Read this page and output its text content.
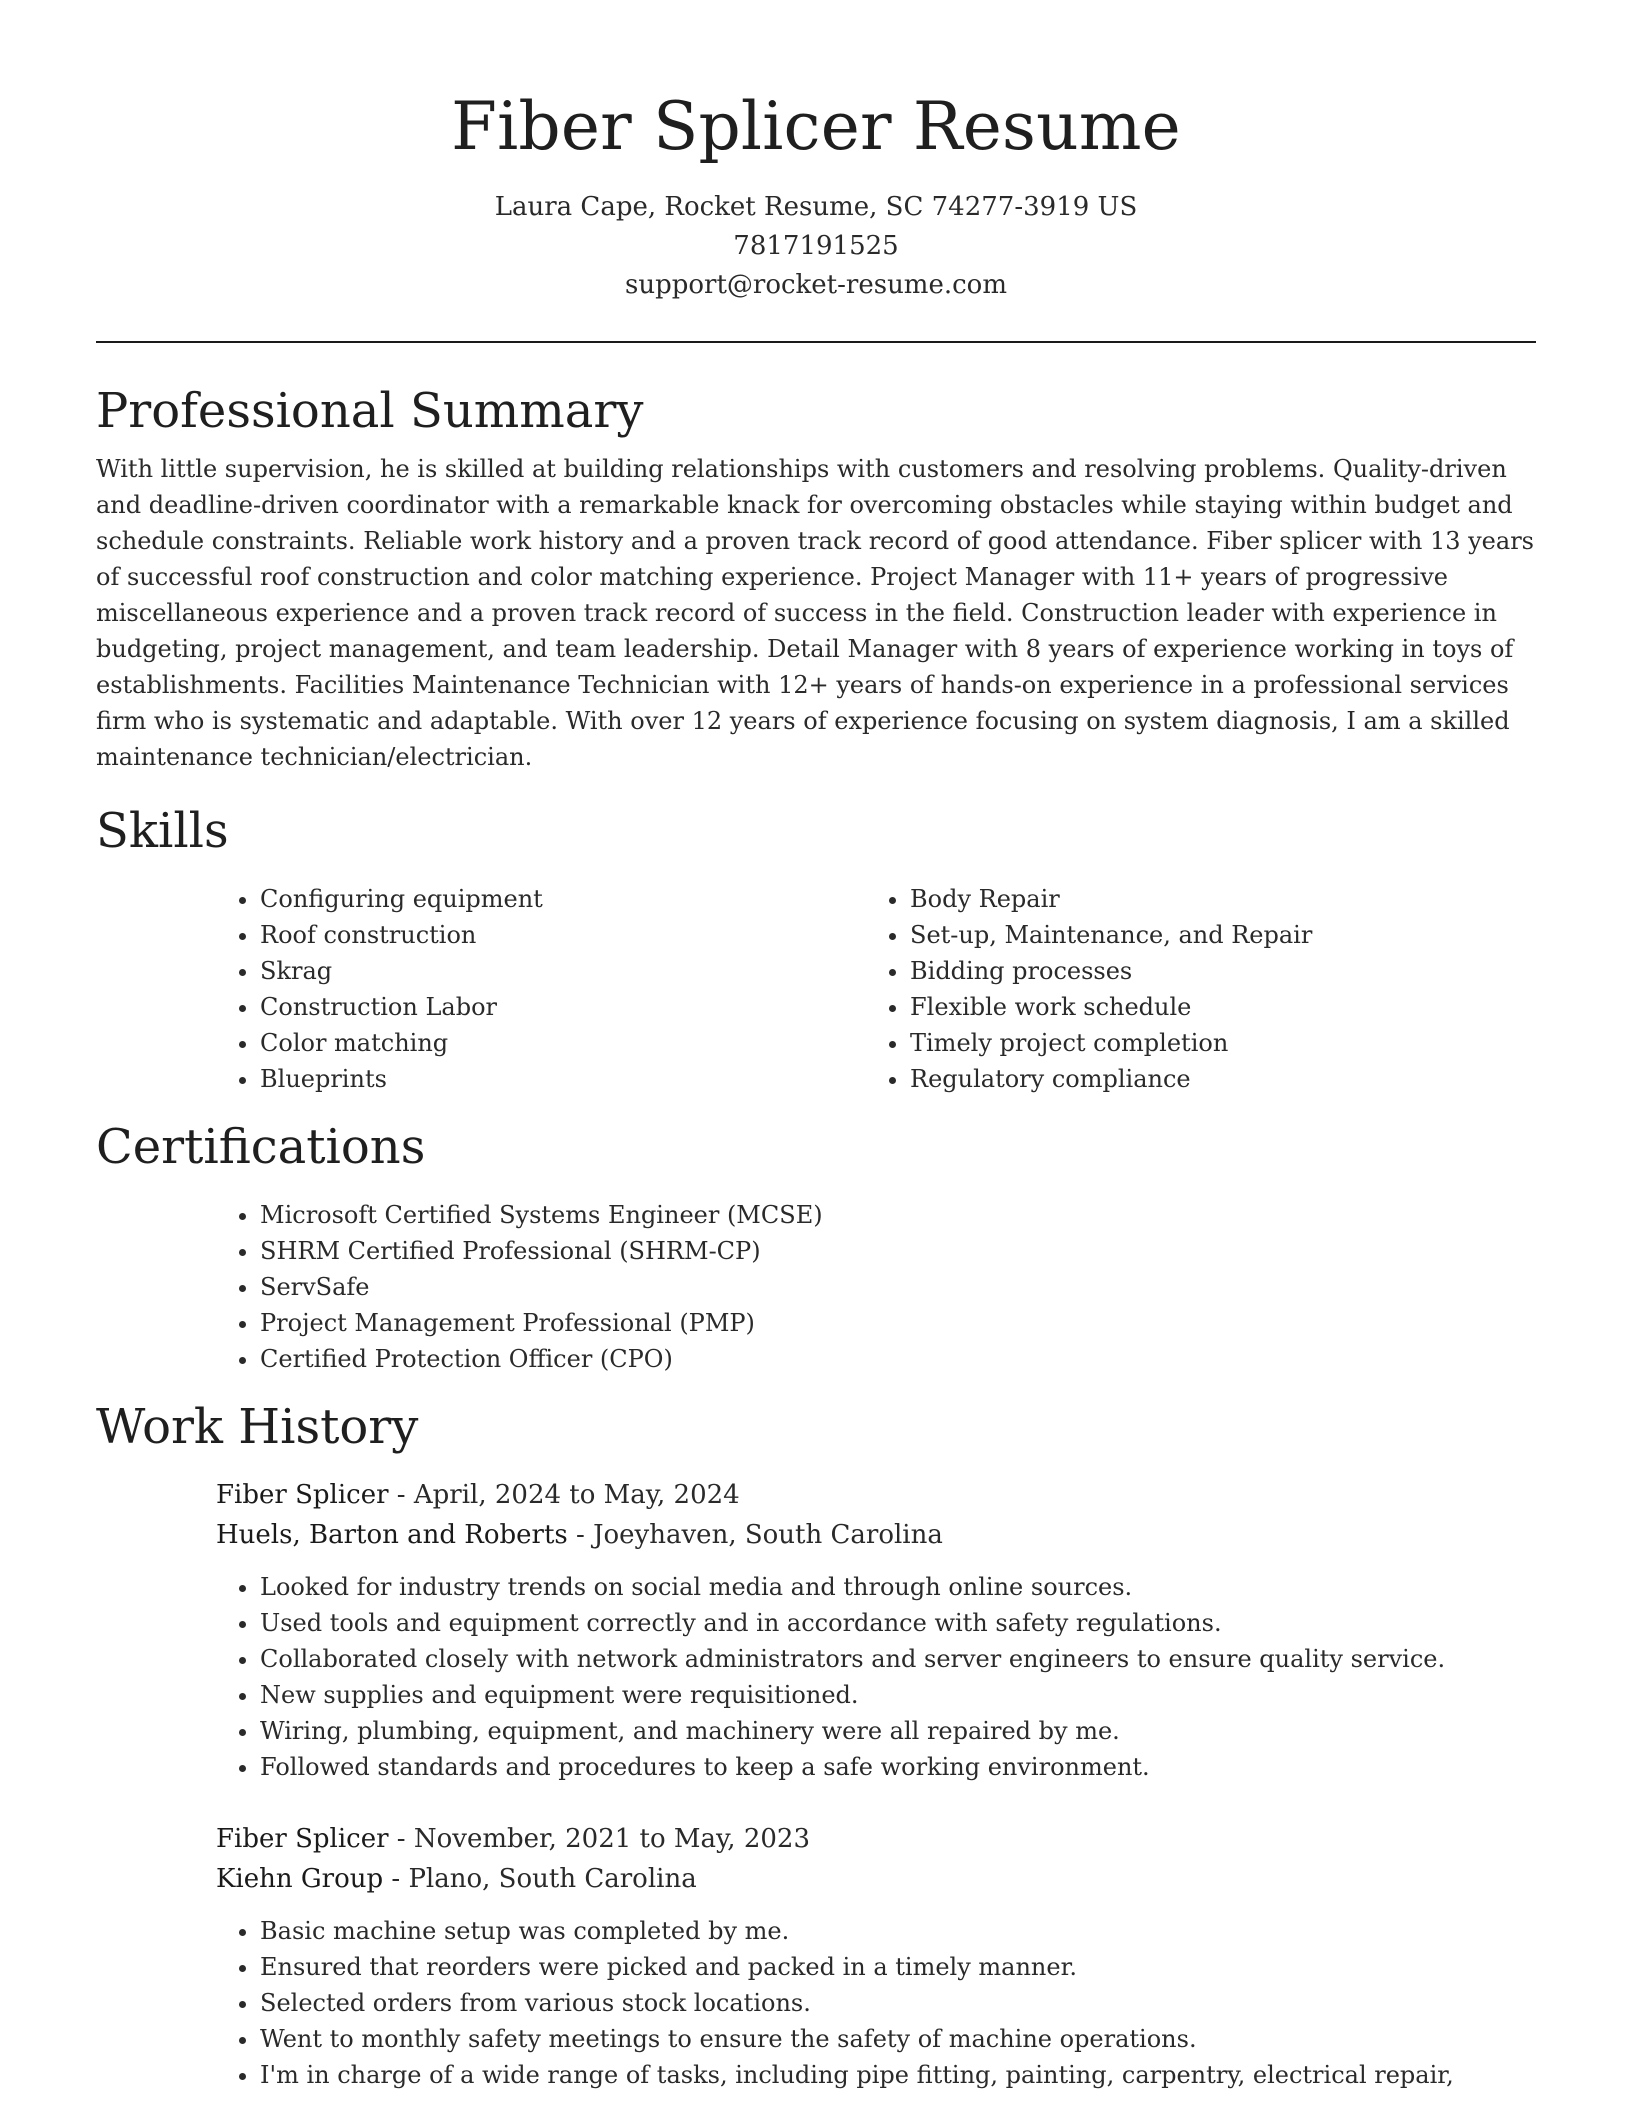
Fiber Splicer Resume
Laura Cape, Rocket Resume, SC 74277-3919 US
7817191525
support@rocket-resume.com
Professional Summary

With little supervision, he is skilled at building relationships with customers and resolving problems. Quality-driven and deadline-driven coordinator with a remarkable knack for overcoming obstacles while staying within budget and schedule constraints. Reliable work history and a proven track record of good attendance. Fiber splicer with 13 years of successful roof construction and color matching experience. Project Manager with 11+ years of progressive miscellaneous experience and a proven track record of success in the field. Construction leader with experience in budgeting, project management, and team leadership. Detail Manager with 8 years of experience working in toys of establishments. Facilities Maintenance Technician with 12+ years of hands-on experience in a professional services firm who is systematic and adaptable. With over 12 years of experience focusing on system diagnosis, I am a skilled maintenance technician/electrician.

Skills
• Configuring equipment
• Roof construction
• Skrag
• Construction Labor
• Color matching
• Blueprints
• Body Repair
• Set-up, Maintenance, and Repair
• Bidding processes
• Flexible work schedule
• Timely project completion
• Regulatory compliance
Certifications
• Microsoft Certified Systems Engineer (MCSE)
• SHRM Certified Professional (SHRM-CP)
• ServSafe
• Project Management Professional (PMP)
• Certified Protection Officer (CPO)
Work History
Fiber Splicer - April, 2024 to May, 2024
Huels, Barton and Roberts - Joeyhaven, South Carolina
• Looked for industry trends on social media and through online sources.
• Used tools and equipment correctly and in accordance with safety regulations.
• Collaborated closely with network administrators and server engineers to ensure quality service.
• New supplies and equipment were requisitioned.
• Wiring, plumbing, equipment, and machinery were all repaired by me.
• Followed standards and procedures to keep a safe working environment.
Fiber Splicer - November, 2021 to May, 2023
Kiehn Group - Plano, South Carolina
• Basic machine setup was completed by me.
• Ensured that reorders were picked and packed in a timely manner.
• Selected orders from various stock locations.
• Went to monthly safety meetings to ensure the safety of machine operations.
• I'm in charge of a wide range of tasks, including pipe fitting, painting, carpentry, electrical repair,
